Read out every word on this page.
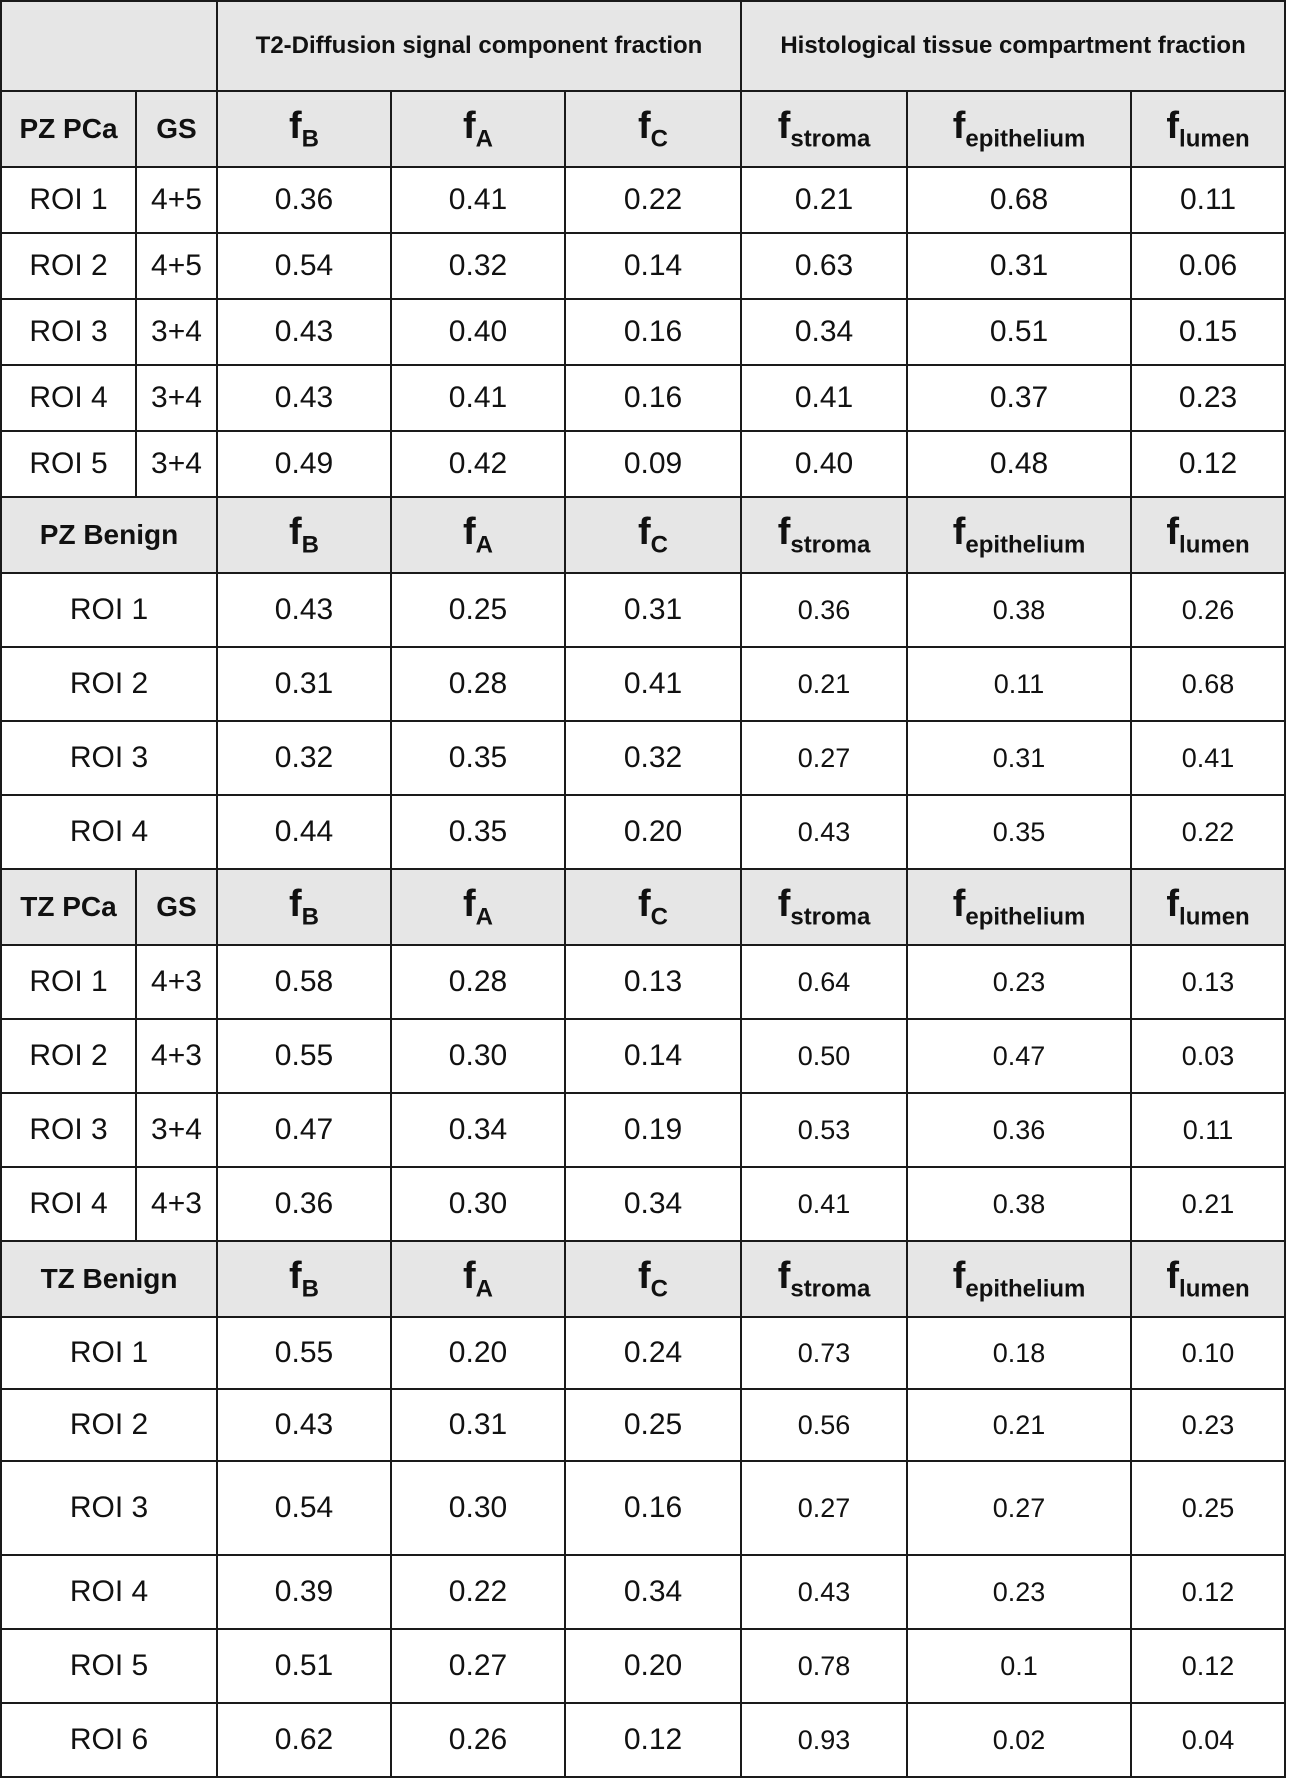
		T2-Diffusion signal component fraction			Histological tissue compartment fraction		
PZ PCa	GS	$f_B$	$f_A$	$f_C$	$f_{stroma}$	$f_{epithelium}$	$f_{lumen}$
ROI 1	4+5	0.36	0.41	0.22	0.21	0.68	0.11
ROI 2	4+5	0.54	0.32	0.14	0.63	0.31	0.06
ROI 3	3+4	0.43	0.40	0.16	0.34	0.51	0.15
ROI 4	3+4	0.43	0.41	0.16	0.41	0.37	0.23
ROI 5	3+4	0.49	0.42	0.09	0.40	0.48	0.12
PZ Benign		$f_B$	$f_A$	$f_C$	$f_{stroma}$	$f_{epithelium}$	$f_{lumen}$
ROI 1		0.43	0.25	0.31	0.36	0.38	0.26
ROI 2		0.31	0.28	0.41	0.21	0.11	0.68
ROI 3		0.32	0.35	0.32	0.27	0.31	0.41
ROI 4		0.44	0.35	0.20	0.43	0.35	0.22
TZ PCa	GS	$f_B$	$f_A$	$f_C$	$f_{stroma}$	$f_{epithelium}$	$f_{lumen}$
ROI 1	4+3	0.58	0.28	0.13	0.64	0.23	0.13
ROI 2	4+3	0.55	0.30	0.14	0.50	0.47	0.03
ROI 3	3+4	0.47	0.34	0.19	0.53	0.36	0.11
ROI 4	4+3	0.36	0.30	0.34	0.41	0.38	0.21
TZ Benign		$f_B$	$f_A$	$f_C$	$f_{stroma}$	$f_{epithelium}$	$f_{lumen}$
ROI 1		0.55	0.20	0.24	0.73	0.18	0.10
ROI 2		0.43	0.31	0.25	0.56	0.21	0.23
ROI 3		0.54	0.30	0.16	0.27	0.27	0.25
ROI 4		0.39	0.22	0.34	0.43	0.23	0.12
ROI 5		0.51	0.27	0.20	0.78	0.1	0.12
ROI 6		0.62	0.26	0.12	0.93	0.02	0.04
